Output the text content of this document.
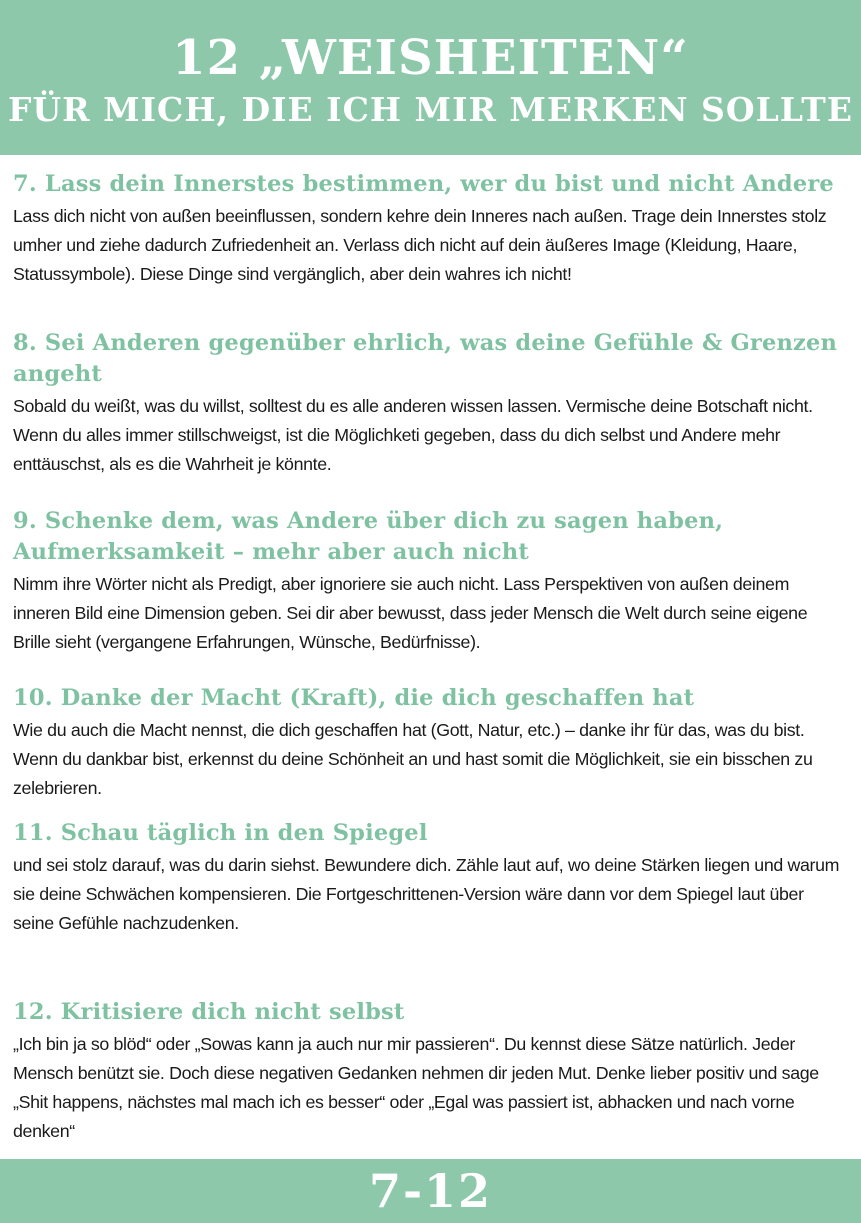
12 „WEISHEITEN“
FÜR MICH, DIE ICH MIR MERKEN SOLLTE
7. Lass dein Innerstes bestimmen, wer du bist und nicht Andere

Lass dich nicht von außen beeinflussen, sondern kehre dein Inneres nach außen. Trage dein Innerstes stolz umher und ziehe dadurch Zufriedenheit an. Verlass dich nicht auf dein äußeres Image (Kleidung, Haare, Statussymbole). Diese Dinge sind vergänglich, aber dein wahres ich nicht!

8. Sei Anderen gegenüber ehrlich, was deine Gefühle & Grenzen angeht

Sobald du weißt, was du willst, solltest du es alle anderen wissen lassen. Vermische deine Botschaft nicht. Wenn du alles immer stillschweigst, ist die Möglichketi gegeben, dass du dich selbst und Andere mehr enttäuschst, als es die Wahrheit je könnte.

9. Schenke dem, was Andere über dich zu sagen haben, Aufmerksamkeit – mehr aber auch nicht

Nimm ihre Wörter nicht als Predigt, aber ignoriere sie auch nicht. Lass Perspektiven von außen deinem inneren Bild eine Dimension geben. Sei dir aber bewusst, dass jeder Mensch die Welt durch seine eigene Brille sieht (vergangene Erfahrungen, Wünsche, Bedürfnisse).

10. Danke der Macht (Kraft), die dich geschaffen hat

Wie du auch die Macht nennst, die dich geschaffen hat (Gott, Natur, etc.) – danke ihr für das, was du bist. Wenn du dankbar bist, erkennst du deine Schönheit an und hast somit die Möglichkeit, sie ein bisschen zu zelebrieren.

11. Schau täglich in den Spiegel

und sei stolz darauf, was du darin siehst. Bewundere dich. Zähle laut auf, wo deine Stärken liegen und warum sie deine Schwächen kompensieren. Die Fortgeschrittenen-Version wäre dann vor dem Spiegel laut über seine Gefühle nachzudenken.

12. Kritisiere dich nicht selbst

„Ich bin ja so blöd“ oder „Sowas kann ja auch nur mir passieren“. Du kennst diese Sätze natürlich. Jeder Mensch benützt sie. Doch diese negativen Gedanken nehmen dir jeden Mut. Denke lieber positiv und sage „Shit happens, nächstes mal mach ich es besser“ oder „Egal was passiert ist, abhacken und nach vorne denken“

7-12
